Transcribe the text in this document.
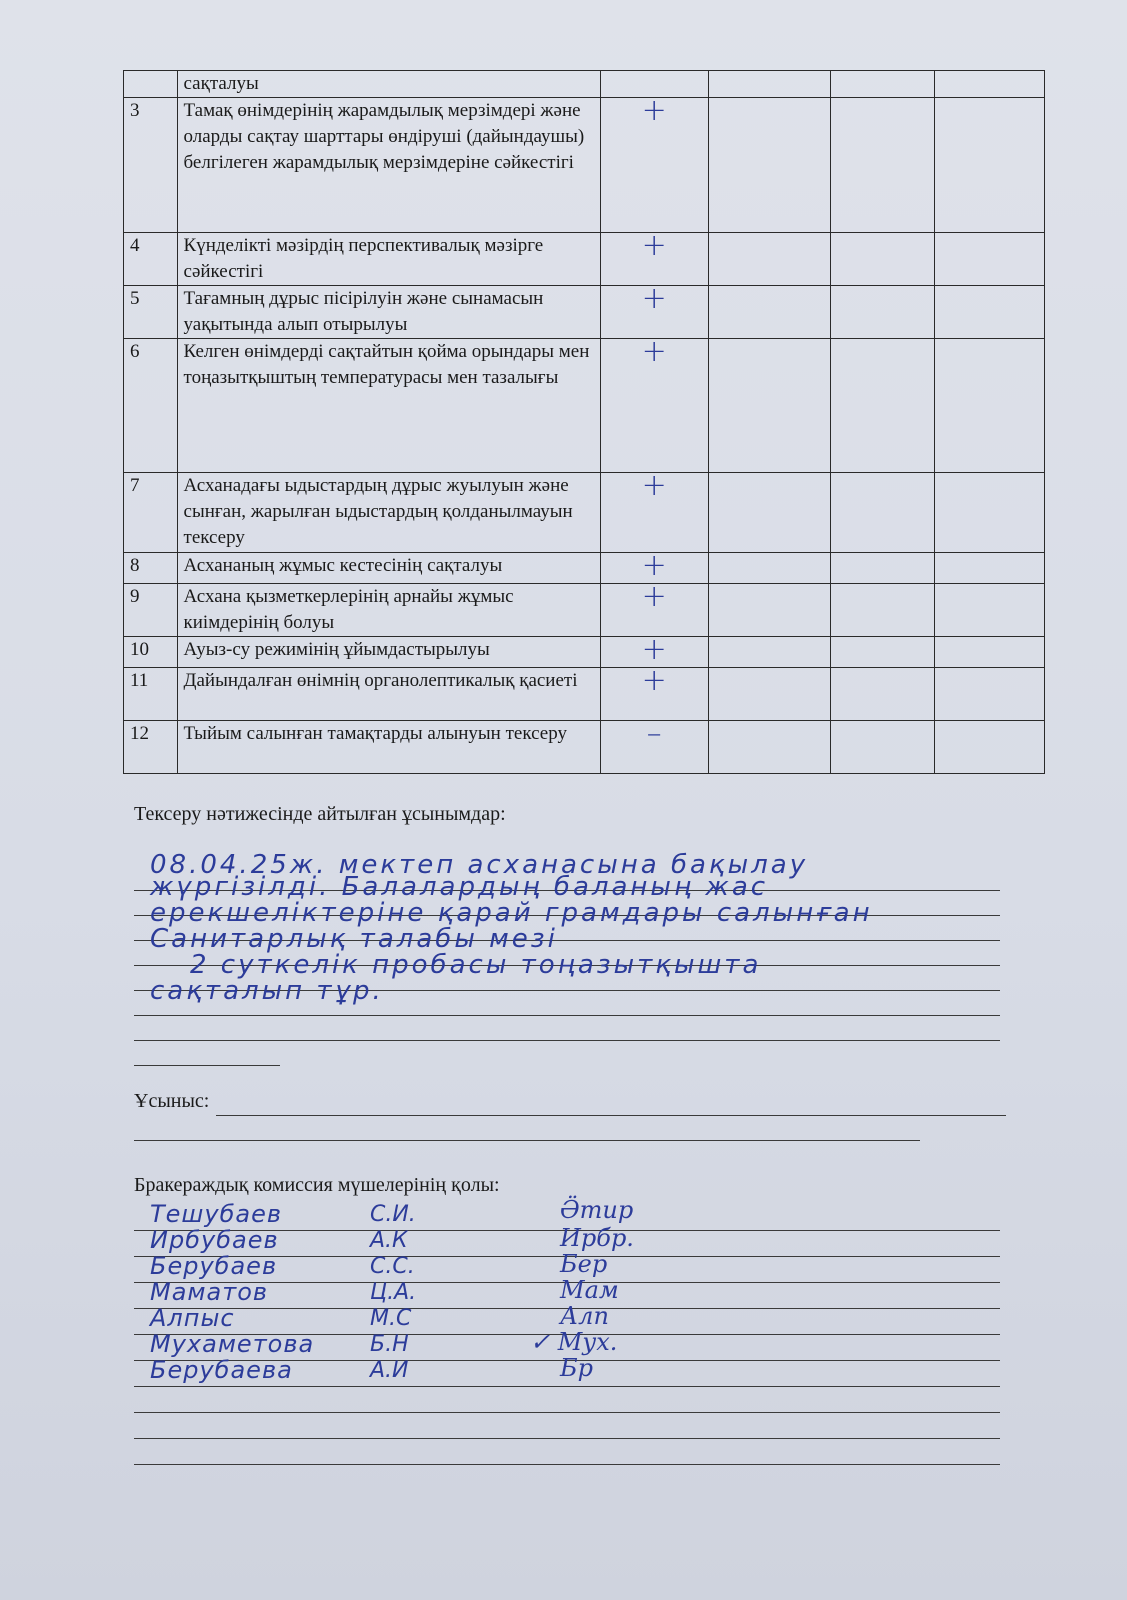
	сақталуы				
3	Тамақ өнімдерінің жарамдылық мерзімдері және оларды сақтау шарттары өндіруші (дайындаушы) белгілеген жарамдылық мерзімдеріне сәйкестігі	+			
4	Күнделікті мәзірдің перспективалық мәзірге сәйкестігі	+			
5	Тағамның дұрыс пісірілуін және сынамасын уақытында алып отырылуы	+			
6	Келген өнімдерді сақтайтын қойма орындары мен тоңазытқыштың температурасы мен тазалығы	+			
7	Асханадағы ыдыстардың дұрыс жуылуын және сынған, жарылған ыдыстардың қолданылмауын тексеру	+			
8	Асхананың жұмыс кестесінің сақталуы	+			
9	Асхана қызметкерлерінің арнайы жұмыс киімдерінің болуы	+			
10	Ауыз-су режимінің ұйымдастырылуы	+			
11	Дайындалған өнімнің органолептикалық қасиеті	+			
12	Тыйым салынған тамақтарды алынуын тексеру	–			
Тексеру нәтижесінде айтылған ұсынымдар:
08.04.25ж. мектеп асханасына бақылау
жүргізілді. Балалардың баланың жас
ерекшеліктеріне қарай грамдары салынған
Санитарлық талабы мезі
2 суткелік пробасы тоңазытқышта
сақталып тұр.
Ұсыныс:
Бракераждық комиссия мүшелерінің қолы:
Тешубаев	С.И.	Ӛтир
Ирбубаев	А.К	Ирбр.
Берубаев	С.С.	Бер
Маматов	Ц.А.	Мам
Алпыс	М.С	Алп
Мухаметова	Б.Н	✓ Мух.
Берубаева	А.И	Бр
